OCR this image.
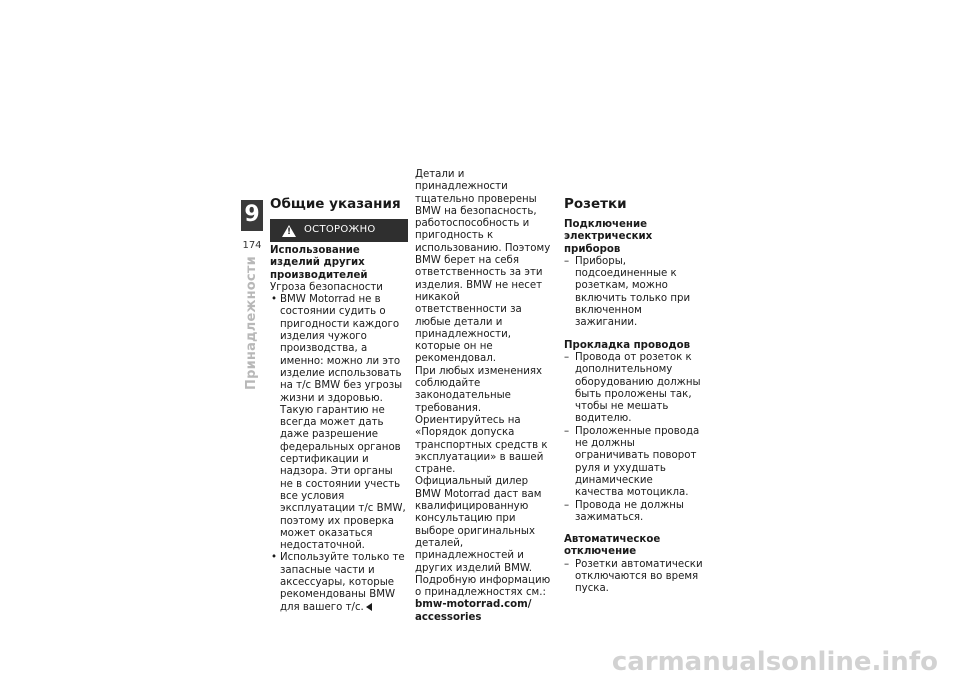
9
174
Принадлежности
Общие указания
! ОСТОРОЖНО

Использование изделий других производителей

Угроза безопасности

• BMW Motorrad не в состоянии судить о пригодности каждого изделия чужого производства, а именно: можно ли это изделие использовать на т/с BMW без угрозы жизни и здоровью. Такую гарантию не всегда может дать даже разрешение федеральных органов сертификации и надзора. Эти органы не в состоянии учесть все условия эксплуатации т/с BMW, поэтому их проверка может оказаться недостаточной.
• Используйте только те запасные части и аксессуары, которые рекомендованы BMW для вашего т/с.

Детали и принадлежности тщательно проверены BMW на безопасность, работоспособность и пригодность к использованию. Поэтому BMW берет на себя ответственность за эти изделия. BMW не несет никакой ответственности за любые детали и принадлежности, которые он не рекомендовал.

При любых изменениях соблюдайте законодательные требования. Ориентируйтесь на «Порядок допуска транспортных средств к эксплуатации» в вашей стране.

Официальный дилер BMW Motorrad даст вам квалифицированную консультацию при выборе оригинальных деталей, принадлежностей и других изделий BMW.

Подробную информацию о принадлежностях см.:

bmw-motorrad.com/ accessories

Розетки

Подключение электрических приборов

– Приборы, подсоединенные к розеткам, можно включить только при включенном зажигании.

Прокладка проводов

– Провода от розеток к дополнительному оборудованию должны быть проложены так, чтобы не мешать водителю.
– Проложенные провода не должны ограничивать поворот руля и ухудшать динамические качества мотоцикла.
– Провода не должны зажиматься.

Автоматическое отключение

– Розетки автоматически отключаются во время пуска.
carmanualsonline.info
